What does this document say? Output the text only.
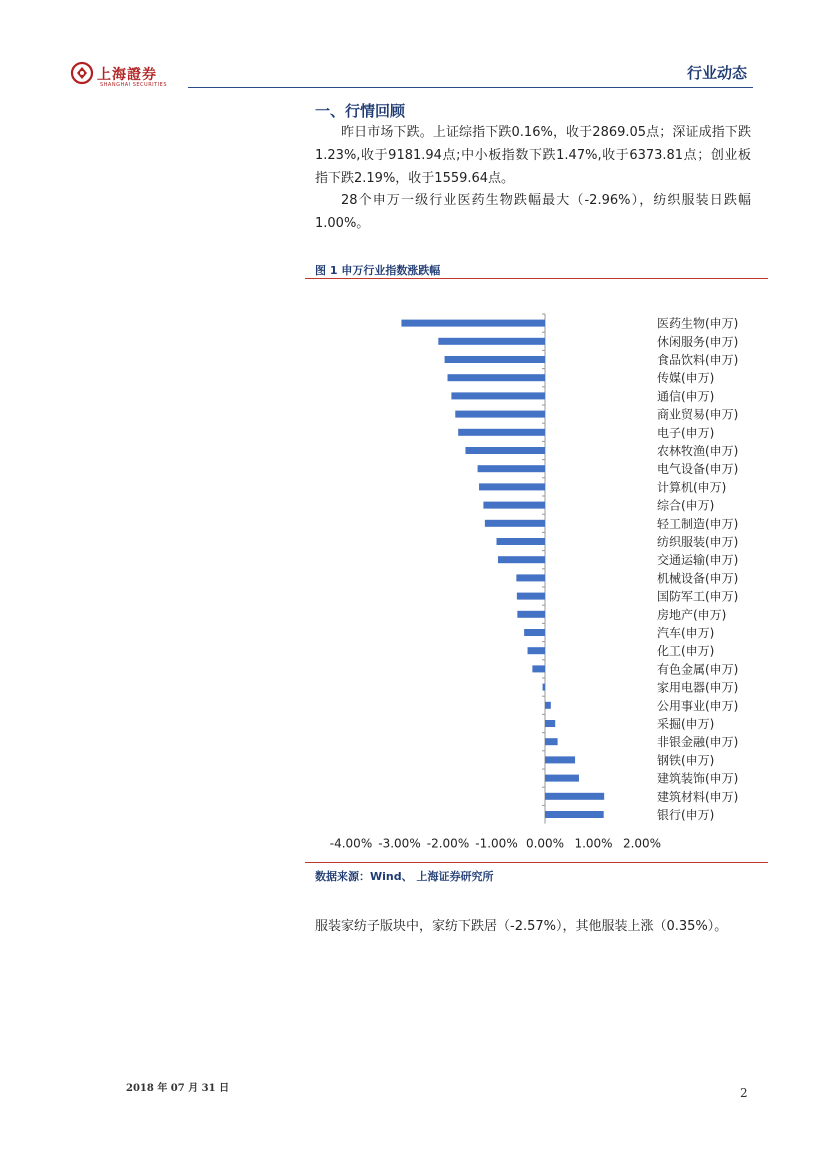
上海證券
SHANGHAI SECURITIES
行业动态
一、行情回顾

昨日市场下跌。上证综指下跌0.16%，收于2869.05点；深证成指下跌1.23%,收于9181.94点;中小板指数下跌1.47%,收于6373.81点；创业板指下跌2.19%，收于1559.64点。

28个申万一级行业医药生物跌幅最大（-2.96%），纺织服装日跌幅1.00%。

图 1 申万行业指数涨跌幅
医药生物(申万)
休闲服务(申万)
食品饮料(申万)
传媒(申万)
通信(申万)
商业贸易(申万)
电子(申万)
农林牧渔(申万)
电气设备(申万)
计算机(申万)
综合(申万)
轻工制造(申万)
纺织服装(申万)
交通运输(申万)
机械设备(申万)
国防军工(申万)
房地产(申万)
汽车(申万)
化工(申万)
有色金属(申万)
家用电器(申万)
公用事业(申万)
采掘(申万)
非银金融(申万)
钢铁(申万)
建筑装饰(申万)
建筑材料(申万)
银行(申万)
-4.00% -3.00% -2.00% -1.00% 0.00% 1.00% 2.00%
数据来源：Wind、 上海证券研究所

服装家纺子版块中，家纺下跌居（-2.57%），其他服装上涨（0.35%）。

2018 年 07 月 31 日	2
